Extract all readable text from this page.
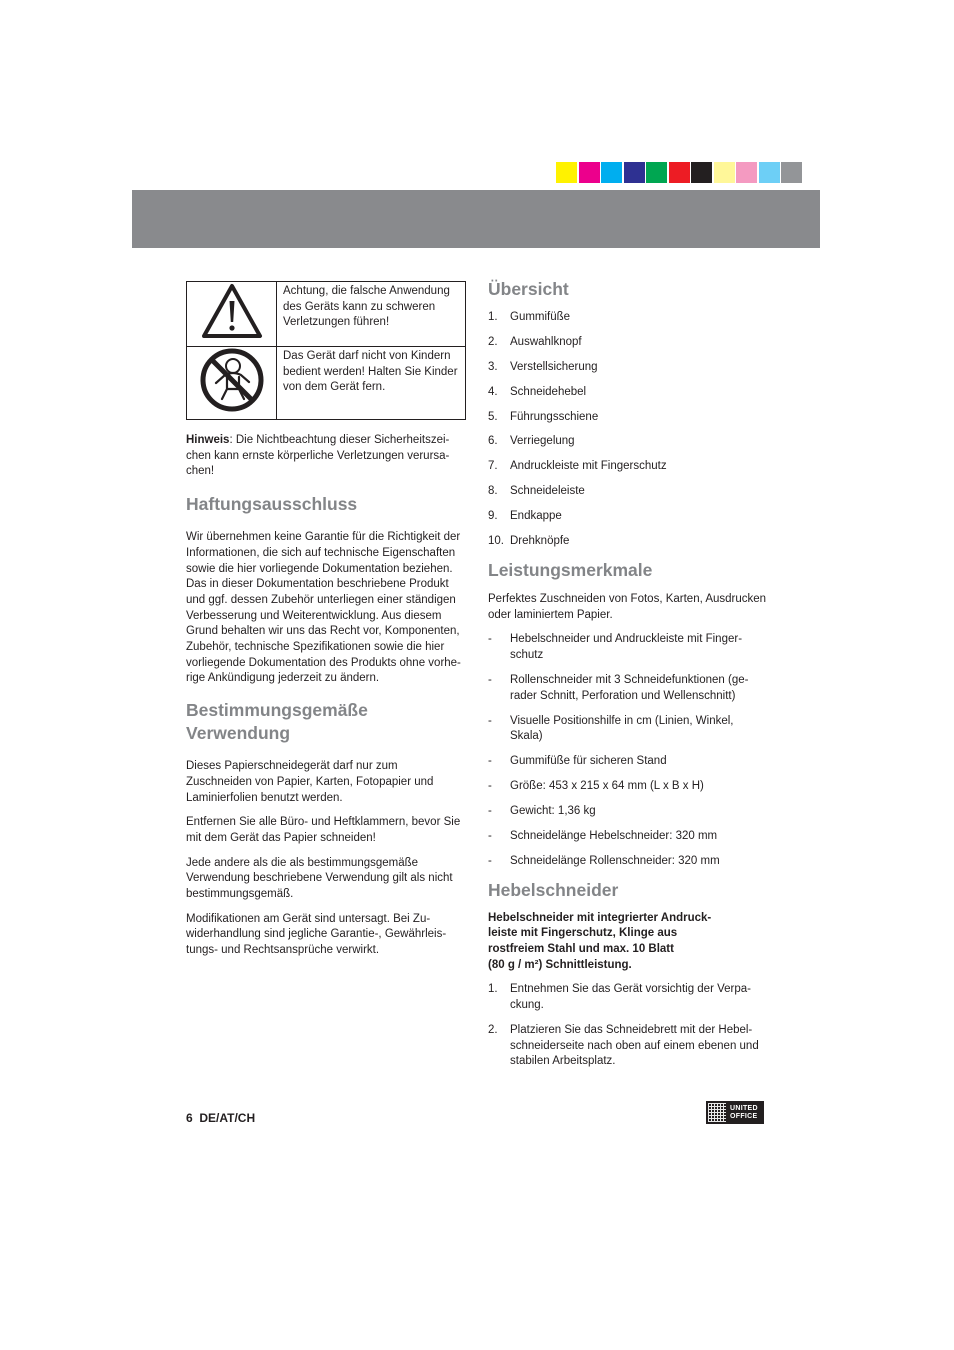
	Achtung, die falsche Anwendung des Geräts kann zu schweren Verletzungen führen!
	Das Gerät darf nicht von Kindern bedient werden! Halten Sie Kinder von dem Gerät fern.

Hinweis: Die Nichtbeachtung dieser Sicherheitszei-chen kann ernste körperliche Verletzungen verursa-chen!

Haftungsausschluss

Wir übernehmen keine Garantie für die Richtigkeit der Informationen, die sich auf technische Eigenschaften sowie die hier vorliegende Dokumentation beziehen. Das in dieser Dokumentation beschriebene Produkt und ggf. dessen Zubehör unterliegen einer ständigen Verbesserung und Weiterentwicklung. Aus diesem Grund behalten wir uns das Recht vor, Komponenten, Zubehör, technische Spezifikationen sowie die hier vorliegende Dokumentation des Produkts ohne vorhe-rige Ankündigung jederzeit zu ändern.

Bestimmungsgemäße
Verwendung

Dieses Papierschneidegerät darf nur zum Zuschneiden von Papier, Karten, Fotopapier und Laminierfolien benutzt werden.

Entfernen Sie alle Büro- und Heftklammern, bevor Sie mit dem Gerät das Papier schneiden!

Jede andere als die als bestimmungsgemäße Verwendung beschriebene Verwendung gilt als nicht bestimmungsgemäß.

Modifikationen am Gerät sind untersagt. Bei Zu-widerhandlung sind jegliche Garantie-, Gewährleis-tungs- und Rechtsansprüche verwirkt.

Übersicht
1.	Gummifüße
2.	Auswahlknopf
3.	Verstellsicherung
4.	Schneidehebel
5.	Führungsschiene
6.	Verriegelung
7.	Andruckleiste mit Fingerschutz
8.	Schneideleiste
9.	Endkappe
10. Drehknöpfe
Leistungsmerkmale

Perfektes Zuschneiden von Fotos, Karten, Ausdrucken oder laminiertem Papier.

-	Hebelschneider und Andruckleiste mit Finger-schutz
-	Rollenschneider mit 3 Schneidefunktionen (ge-rader Schnitt, Perforation und Wellenschnitt)
-	Visuelle Positionshilfe in cm (Linien, Winkel, Skala)
-	Gummifüße für sicheren Stand
-	Größe: 453 x 215 x 64 mm (L x B x H)
-	Gewicht: 1,36 kg
-	Schneidelänge Hebelschneider: 320 mm
-	Schneidelänge Rollenschneider: 320 mm
Hebelschneider

Hebelschneider mit integrierter Andruck-
leiste mit Fingerschutz, Klinge aus
rostfreiem Stahl und max. 10 Blatt
(80 g / m²) Schnittleistung.

1.	Entnehmen Sie das Gerät vorsichtig der Verpa-ckung.
2.	Platzieren Sie das Schneidebrett mit der Hebel-schneiderseite nach oben auf einem ebenen und stabilen Arbeitsplatz.
6  DE/AT/CH
UNITED
OFFICE
